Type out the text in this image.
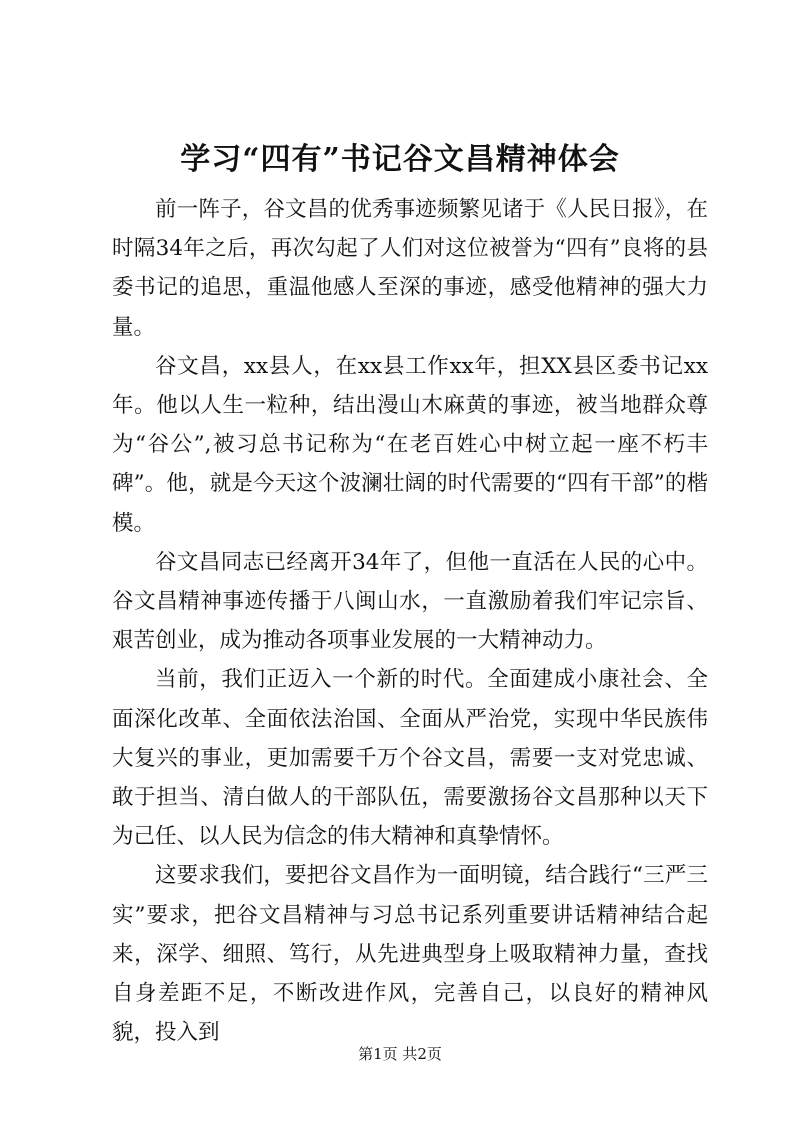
学习“四有”书记谷文昌精神体会

前一阵子，谷文昌的优秀事迹频繁见诸于《人民日报》，在时隔34年之后，再次勾起了人们对这位被誉为“四有”良将的县委书记的追思，重温他感人至深的事迹，感受他精神的强大力量。

谷文昌，xx县人，在xx县工作xx年，担XX县区委书记xx年。他以人生一粒种，结出漫山木麻黄的事迹，被当地群众尊为“谷公”,被习总书记称为“在老百姓心中树立起一座不朽丰碑”。他，就是今天这个波澜壮阔的时代需要的“四有干部”的楷模。

谷文昌同志已经离开34年了，但他一直活在人民的心中。谷文昌精神事迹传播于八闽山水，一直激励着我们牢记宗旨、艰苦创业，成为推动各项事业发展的一大精神动力。

当前，我们正迈入一个新的时代。全面建成小康社会、全面深化改革、全面依法治国、全面从严治党，实现中华民族伟大复兴的事业，更加需要千万个谷文昌，需要一支对党忠诚、敢于担当、清白做人的干部队伍，需要激扬谷文昌那种以天下为己任、以人民为信念的伟大精神和真挚情怀。

这要求我们，要把谷文昌作为一面明镜，结合践行“三严三实”要求，把谷文昌精神与习总书记系列重要讲话精神结合起来，深学、细照、笃行，从先进典型身上吸取精神力量，查找自身差距不足，不断改进作风，完善自己，以良好的精神风貌，投入到

第1页 共2页
